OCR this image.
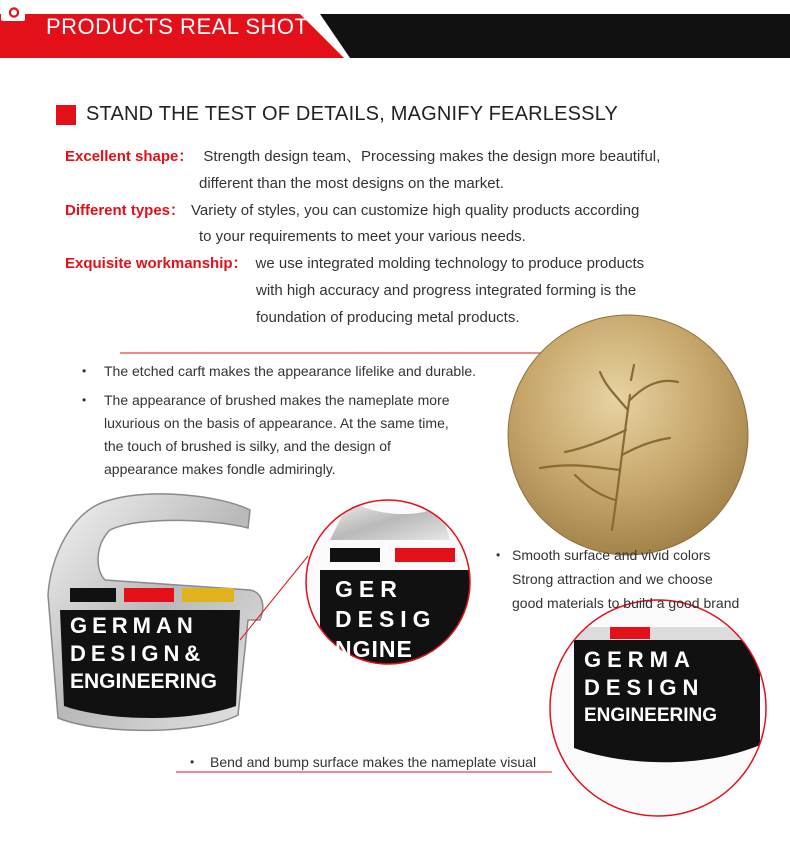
PRODUCTS REAL SHOT
STAND THE TEST OF DETAILS, MAGNIFY FEARLESSLY
Excellent shape： Strength design team、Processing makes the design more beautiful,
different than the most designs on the market.
Different types： Variety of styles, you can customize high quality products according
to your requirements to meet your various needs.
Exquisite workmanship： we use integrated molding technology to produce products
with high accuracy and progress integrated forming is the
foundation of producing metal products.
GERMAN
DESIGN&
ENGINEERING
GER
DESIG
NGINE	GERMA
DESIGN
ENGINEERING
• The etched carft makes the appearance lifelike and durable.
• The appearance of brushed makes the nameplate more
luxurious on the basis of appearance. At the same time,
the touch of brushed is silky, and the design of
appearance makes fondle admiringly.
• Smooth surface and vivid colors
Strong attraction and we choose
good materials to build a good brand
• Bend and bump surface makes the nameplate visual
